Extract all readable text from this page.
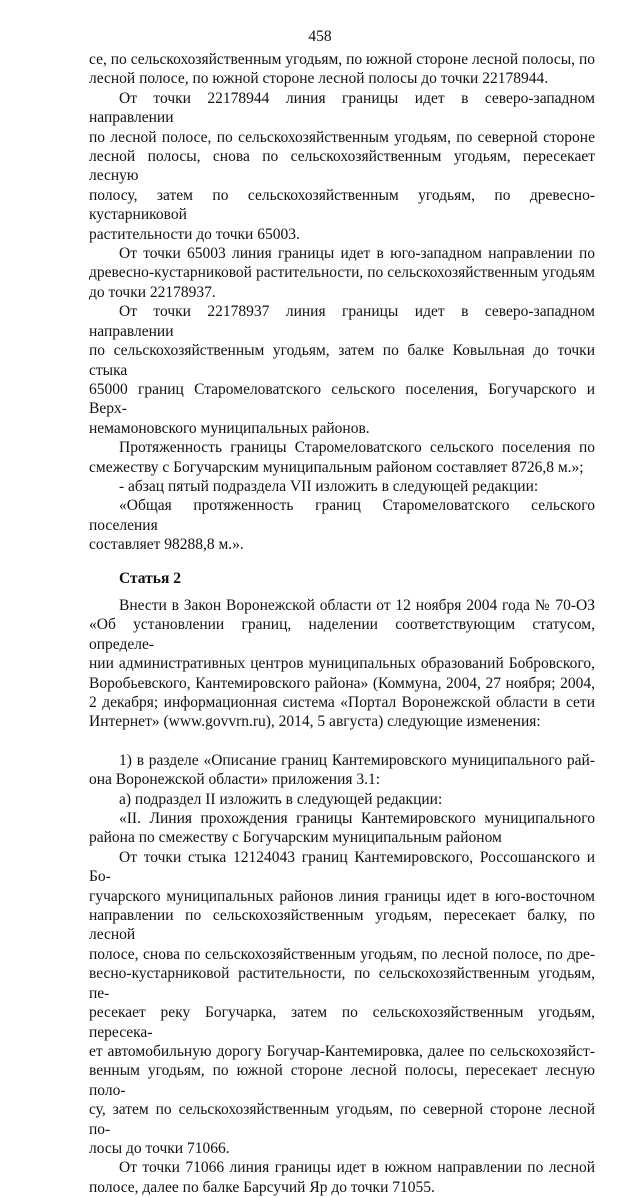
458
се, по сельскохозяйственным угодьям, по южной стороне лесной полосы, по
лесной полосе, по южной стороне лесной полосы до точки 22178944.
От точки 22178944 линия границы идет в северо-западном направлении
по лесной полосе, по сельскохозяйственным угодьям, по северной стороне
лесной полосы, снова по сельскохозяйственным угодьям, пересекает лесную
полосу, затем по сельскохозяйственным угодьям, по древесно-кустарниковой
растительности до точки 65003.
От точки 65003 линия границы идет в юго-западном направлении по
древесно-кустарниковой растительности, по сельскохозяйственным угодьям
до точки 22178937.
От точки 22178937 линия границы идет в северо-западном направлении
по сельскохозяйственным угодьям, затем по балке Ковыльная до точки стыка
65000 границ Старомеловатского сельского поселения, Богучарского и Верх-
немамоновского муниципальных районов.
Протяженность границы Старомеловатского сельского поселения по
смежеству с Богучарским муниципальным районом составляет 8726,8 м.»;
- абзац пятый подраздела VII изложить в следующей редакции:
«Общая протяженность границ Старомеловатского сельского поселения
составляет 98288,8 м.».
Статья 2
Внести в Закон Воронежской области от 12 ноября 2004 года № 70-ОЗ
«Об установлении границ, наделении соответствующим статусом, определе-
нии административных центров муниципальных образований Бобровского,
Воробьевского, Кантемировского района» (Коммуна, 2004, 27 ноября; 2004,
2 декабря; информационная система «Портал Воронежской области в сети
Интернет» (www.govvrn.ru), 2014, 5 августа) следующие изменения:
1) в разделе «Описание границ Кантемировского муниципального рай-
она Воронежской области» приложения 3.1:
а) подраздел II изложить в следующей редакции:
«II. Линия прохождения границы Кантемировского муниципального
района по смежеству с Богучарским муниципальным районом
От точки стыка 12124043 границ Кантемировского, Россошанского и Бо-
гучарского муниципальных районов линия границы идет в юго-восточном
направлении по сельскохозяйственным угодьям, пересекает балку, по лесной
полосе, снова по сельскохозяйственным угодьям, по лесной полосе, по дре-
весно-кустарниковой растительности, по сельскохозяйственным угодьям, пе-
ресекает реку Богучарка, затем по сельскохозяйственным угодьям, пересека-
ет автомобильную дорогу Богучар-Кантемировка, далее по сельскохозяйст-
венным угодьям, по южной стороне лесной полосы, пересекает лесную поло-
су, затем по сельскохозяйственным угодьям, по северной стороне лесной по-
лосы до точки 71066.
От точки 71066 линия границы идет в южном направлении по лесной
полосе, далее по балке Барсучий Яр до точки 71055.
